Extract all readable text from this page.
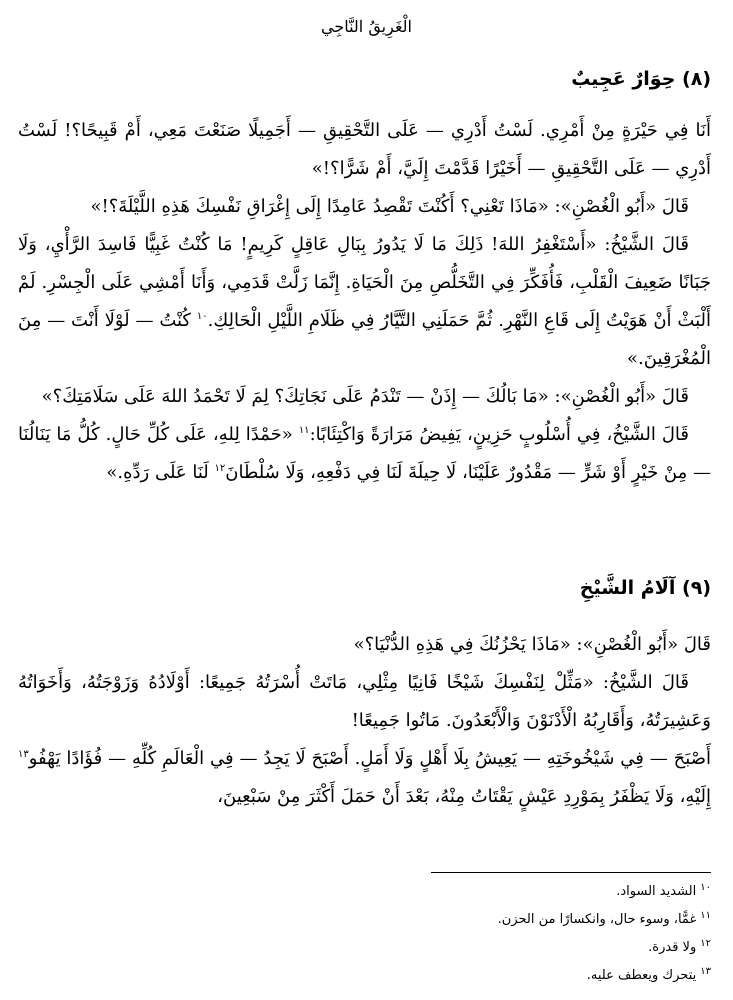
الْغَرِيقُ النَّاجِي
(٨) حِوَارٌ عَجِيبٌ

أَنَا فِي حَيْرَةٍ مِنْ أَمْرِي. لَسْتُ أَدْرِي — عَلَى التَّحْقِيقِ — أَجَمِيلًا صَنَعْتَ مَعِي، أَمْ قَبِيحًا؟! لَسْتُ أَدْرِي — عَلَى التَّحْقِيقِ — أَخَيْرًا قَدَّمْتَ إِلَيَّ، أَمْ شَرًّا؟!»

قَالَ «أَبُو الْغُصْنِ»: «مَاذَا تَعْنِي؟ أَكُنْتَ تَقْصِدُ عَامِدًا إِلَى إِغْرَاقِ نَفْسِكَ هَذِهِ اللَّيْلَةَ؟!»

قَالَ الشَّيْخُ: «أَسْتَغْفِرُ اللهَ! ذَلِكَ مَا لَا يَدُورُ بِبَالِ عَاقِلٍ كَرِيمٍ! مَا كُنْتُ غَبِيًّا فَاسِدَ الرَّأْيِ، وَلَا جَبَانًا ضَعِيفَ الْقَلْبِ، فَأُفَكِّرَ فِي التَّخَلُّصِ مِنَ الْحَيَاةِ. إِنَّمَا زَلَّتْ قَدَمِي، وَأَنَا أَمْشِي عَلَى الْجِسْرِ. لَمْ أَلْبَثْ أَنْ هَوَيْتُ إِلَى قَاعِ النَّهْرِ. ثُمَّ حَمَلَنِي التَّيَّارُ فِي ظَلَامِ اللَّيْلِ الْحَالِكِ.$^{١٠}$ كُنْتُ — لَوْلَا أَنْتَ — مِنَ الْمُغْرَقِينَ.»

قَالَ «أَبُو الْغُصْنِ»: «مَا بَالُكَ — إِذَنْ — تَنْدَمُ عَلَى نَجَاتِكَ؟ لِمَ لَا تَحْمَدُ اللهَ عَلَى سَلَامَتِكَ؟»

قَالَ الشَّيْخُ، فِي أُسْلُوبٍ حَزِينٍ، يَفِيضُ مَرَارَةً وَاكْتِئَابًا:$^{١١}$ «حَمْدًا لِلهِ، عَلَى كُلِّ حَالٍ. كُلُّ مَا يَنَالُنَا — مِنْ خَيْرٍ أَوْ شَرٍّ — مَقْدُورٌ عَلَيْنَا، لَا حِيلَةَ لَنَا فِي دَفْعِهِ، وَلَا سُلْطَانَ$^{١٢}$ لَنَا عَلَى رَدِّهِ.»

(٩) آلَامُ الشَّيْخِ

قَالَ «أَبُو الْغُصْنِ»: «مَاذَا يَحْزُنُكَ فِي هَذِهِ الدُّنْيَا؟»

قَالَ الشَّيْخُ: «مَثِّلْ لِنَفْسِكَ شَيْخًا فَانِيًا مِثْلِي، مَاتَتْ أُسْرَتُهُ جَمِيعًا: أَوْلَادُهُ وَزَوْجَتُهُ، وَأَخَوَاتُهُ وَعَشِيرَتُهُ، وَأَقَارِبُهُ الْأَدْنَوْنَ وَالْأَبْعَدُونَ. مَاتُوا جَمِيعًا!

أَصْبَحَ — فِي شَيْخُوخَتِهِ — يَعِيشُ بِلَا أَهْلٍ وَلَا أَمَلٍ. أَصْبَحَ لَا يَجِدُ — فِي الْعَالَمِ كُلِّهِ — فُؤَادًا يَهْفُو$^{١٣}$ إِلَيْهِ، وَلَا يَظْفَرُ بِمَوْرِدِ عَيْشٍ يَقْتَاتُ مِنْهُ، بَعْدَ أَنْ حَمَلَ أَكْثَرَ مِنْ سَبْعِينَ،

$^{١٠}$الشديد السواد.

$^{١١}$غمًّا، وسوء حال، وانكسارًا من الحزن.

$^{١٢}$ولا قدرة.

$^{١٣}$يتحرك ويعطف عليه.
